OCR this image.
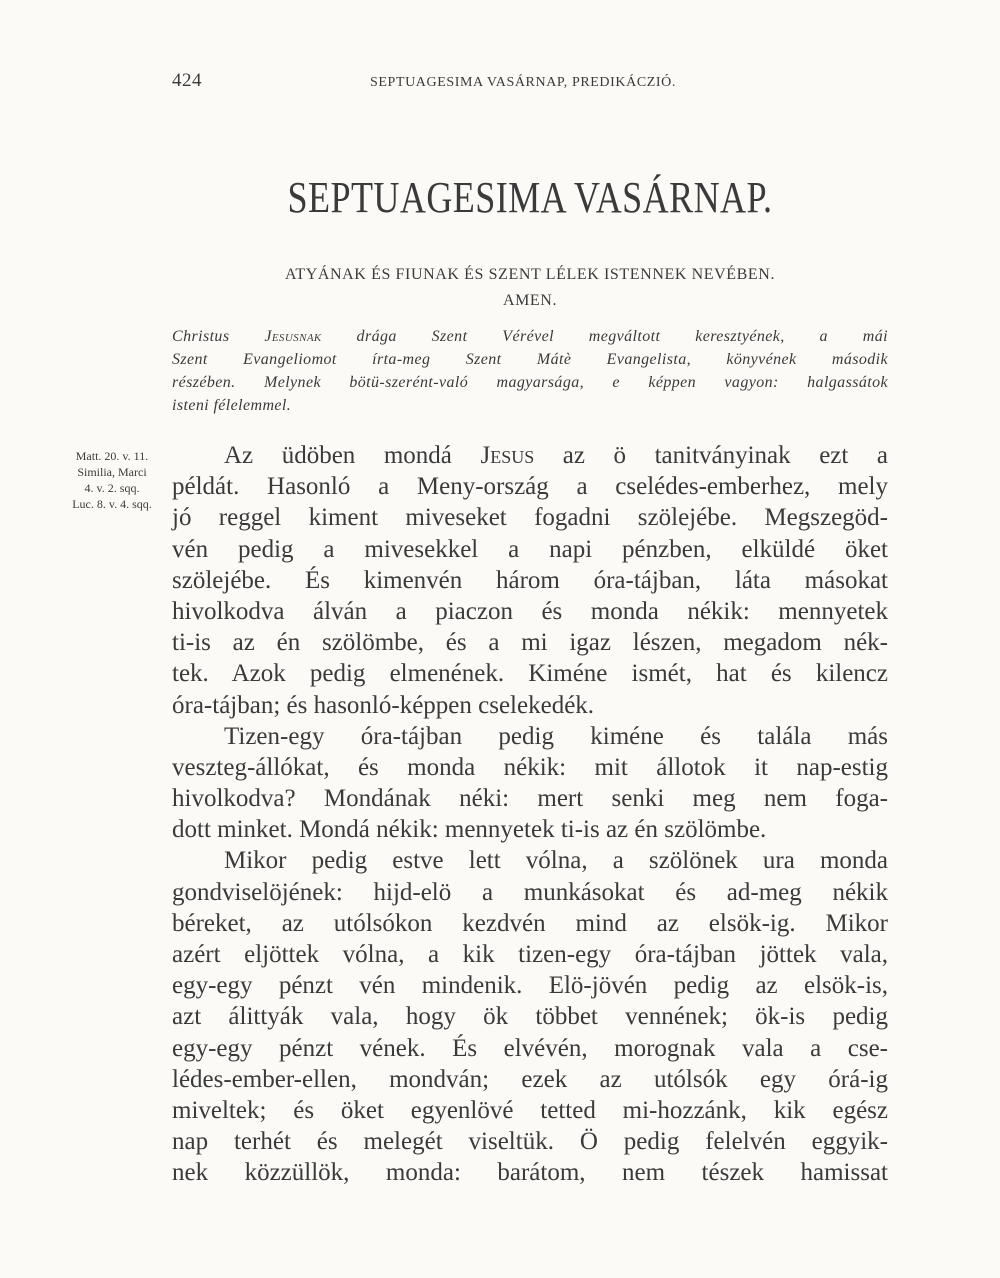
424	SEPTUAGESIMA VASÁRNAP, PREDIKÁCZIÓ.
SEPTUAGESIMA VASÁRNAP.
ATYÁNAK ÉS FIUNAK ÉS SZENT LÉLEK ISTENNEK NEVÉBEN.
AMEN.
Christus Jesusnak drága Szent Vérével megváltott keresztyének, a mái
Szent Evangeliomot írta-meg Szent Mátè Evangelista, könyvének második
részében. Melynek bötü-szerént-való magyarsága, e képpen vagyon: halgassátok
isteni félelemmel.
Matt. 20. v. 11.
Similia, Marci
4. v. 2. sqq.
Luc. 8. v. 4. sqq.
Az üdöben mondá Jesus az ö tanitványinak ezt a
példát. Hasonló a Meny-ország a cselédes-emberhez, mely
jó reggel kiment miveseket fogadni szölejébe. Megszegöd-
vén pedig a mivesekkel a napi pénzben, elküldé öket
szölejébe. És kimenvén három óra-tájban, láta másokat
hivolkodva álván a piaczon és monda nékik: mennyetek
ti-is az én szölömbe, és a mi igaz lészen, megadom nék-
tek. Azok pedig elmenének. Kiméne ismét, hat és kilencz
óra-tájban; és hasonló-képpen cselekedék.
Tizen-egy óra-tájban pedig kiméne és talála más
veszteg-állókat, és monda nékik: mit állotok it nap-estig
hivolkodva? Mondának néki: mert senki meg nem foga-
dott minket. Mondá nékik: mennyetek ti-is az én szölömbe.
Mikor pedig estve lett vólna, a szölönek ura monda
gondviselöjének: hijd-elö a munkásokat és ad-meg nékik
béreket, az utólsókon kezdvén mind az elsök-ig. Mikor
azért eljöttek vólna, a kik tizen-egy óra-tájban jöttek vala,
egy-egy pénzt vén mindenik. Elö-jövén pedig az elsök-is,
azt álittyák vala, hogy ök többet vennének; ök-is pedig
egy-egy pénzt vének. És elvévén, morognak vala a cse-
lédes-ember-ellen, mondván; ezek az utólsók egy órá-ig
miveltek; és öket egyenlövé tetted mi-hozzánk, kik egész
nap terhét és melegét viseltük. Ö pedig felelvén eggyik-
nek közzüllök, monda: barátom, nem tészek hamissat
